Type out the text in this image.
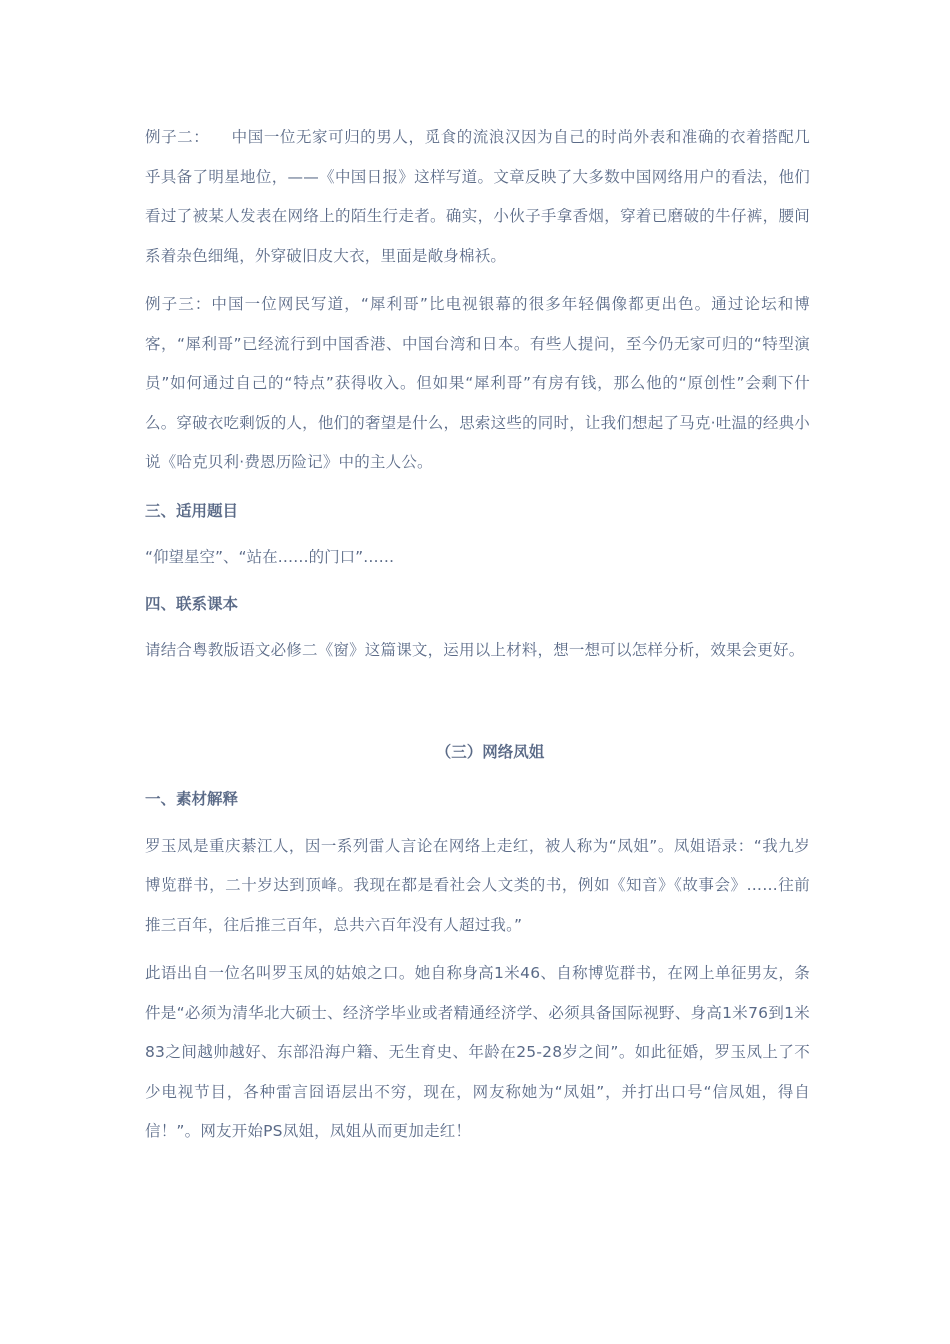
例子二： 中国一位无家可归的男人，觅食的流浪汉因为自己的时尚外表和准确的衣着搭配几乎具备了明星地位，——《中国日报》这样写道。文章反映了大多数中国网络用户的看法，他们看过了被某人发表在网络上的陌生行走者。确实，小伙子手拿香烟，穿着已磨破的牛仔裤，腰间系着杂色细绳，外穿破旧皮大衣，里面是敞身棉袄。

例子三：中国一位网民写道，“犀利哥”比电视银幕的很多年轻偶像都更出色。通过论坛和博客，“犀利哥”已经流行到中国香港、中国台湾和日本。有些人提问，至今仍无家可归的“特型演员”如何通过自己的“特点”获得收入。但如果“犀利哥”有房有钱，那么他的“原创性”会剩下什么。穿破衣吃剩饭的人，他们的奢望是什么，思索这些的同时，让我们想起了马克·吐温的经典小说《哈克贝利·费恩历险记》中的主人公。

三、适用题目

“仰望星空”、“站在……的门口”……

四、联系课本

请结合粤教版语文必修二《窗》这篇课文，运用以上材料，想一想可以怎样分析，效果会更好。

（三）网络凤姐
一、素材解释

罗玉凤是重庆綦江人，因一系列雷人言论在网络上走红，被人称为“凤姐”。凤姐语录：“我九岁博览群书，二十岁达到顶峰。我现在都是看社会人文类的书，例如《知音》《故事会》……往前推三百年，往后推三百年，总共六百年没有人超过我。”

此语出自一位名叫罗玉凤的姑娘之口。她自称身高1米46、自称博览群书，在网上单征男友，条件是“必须为清华北大硕士、经济学毕业或者精通经济学、必须具备国际视野、身高1米76到1米83之间越帅越好、东部沿海户籍、无生育史、年龄在25-28岁之间”。如此征婚，罗玉凤上了不少电视节目，各种雷言囧语层出不穷，现在，网友称她为“凤姐”，并打出口号“信凤姐，得自信！”。网友开始PS凤姐，凤姐从而更加走红！
